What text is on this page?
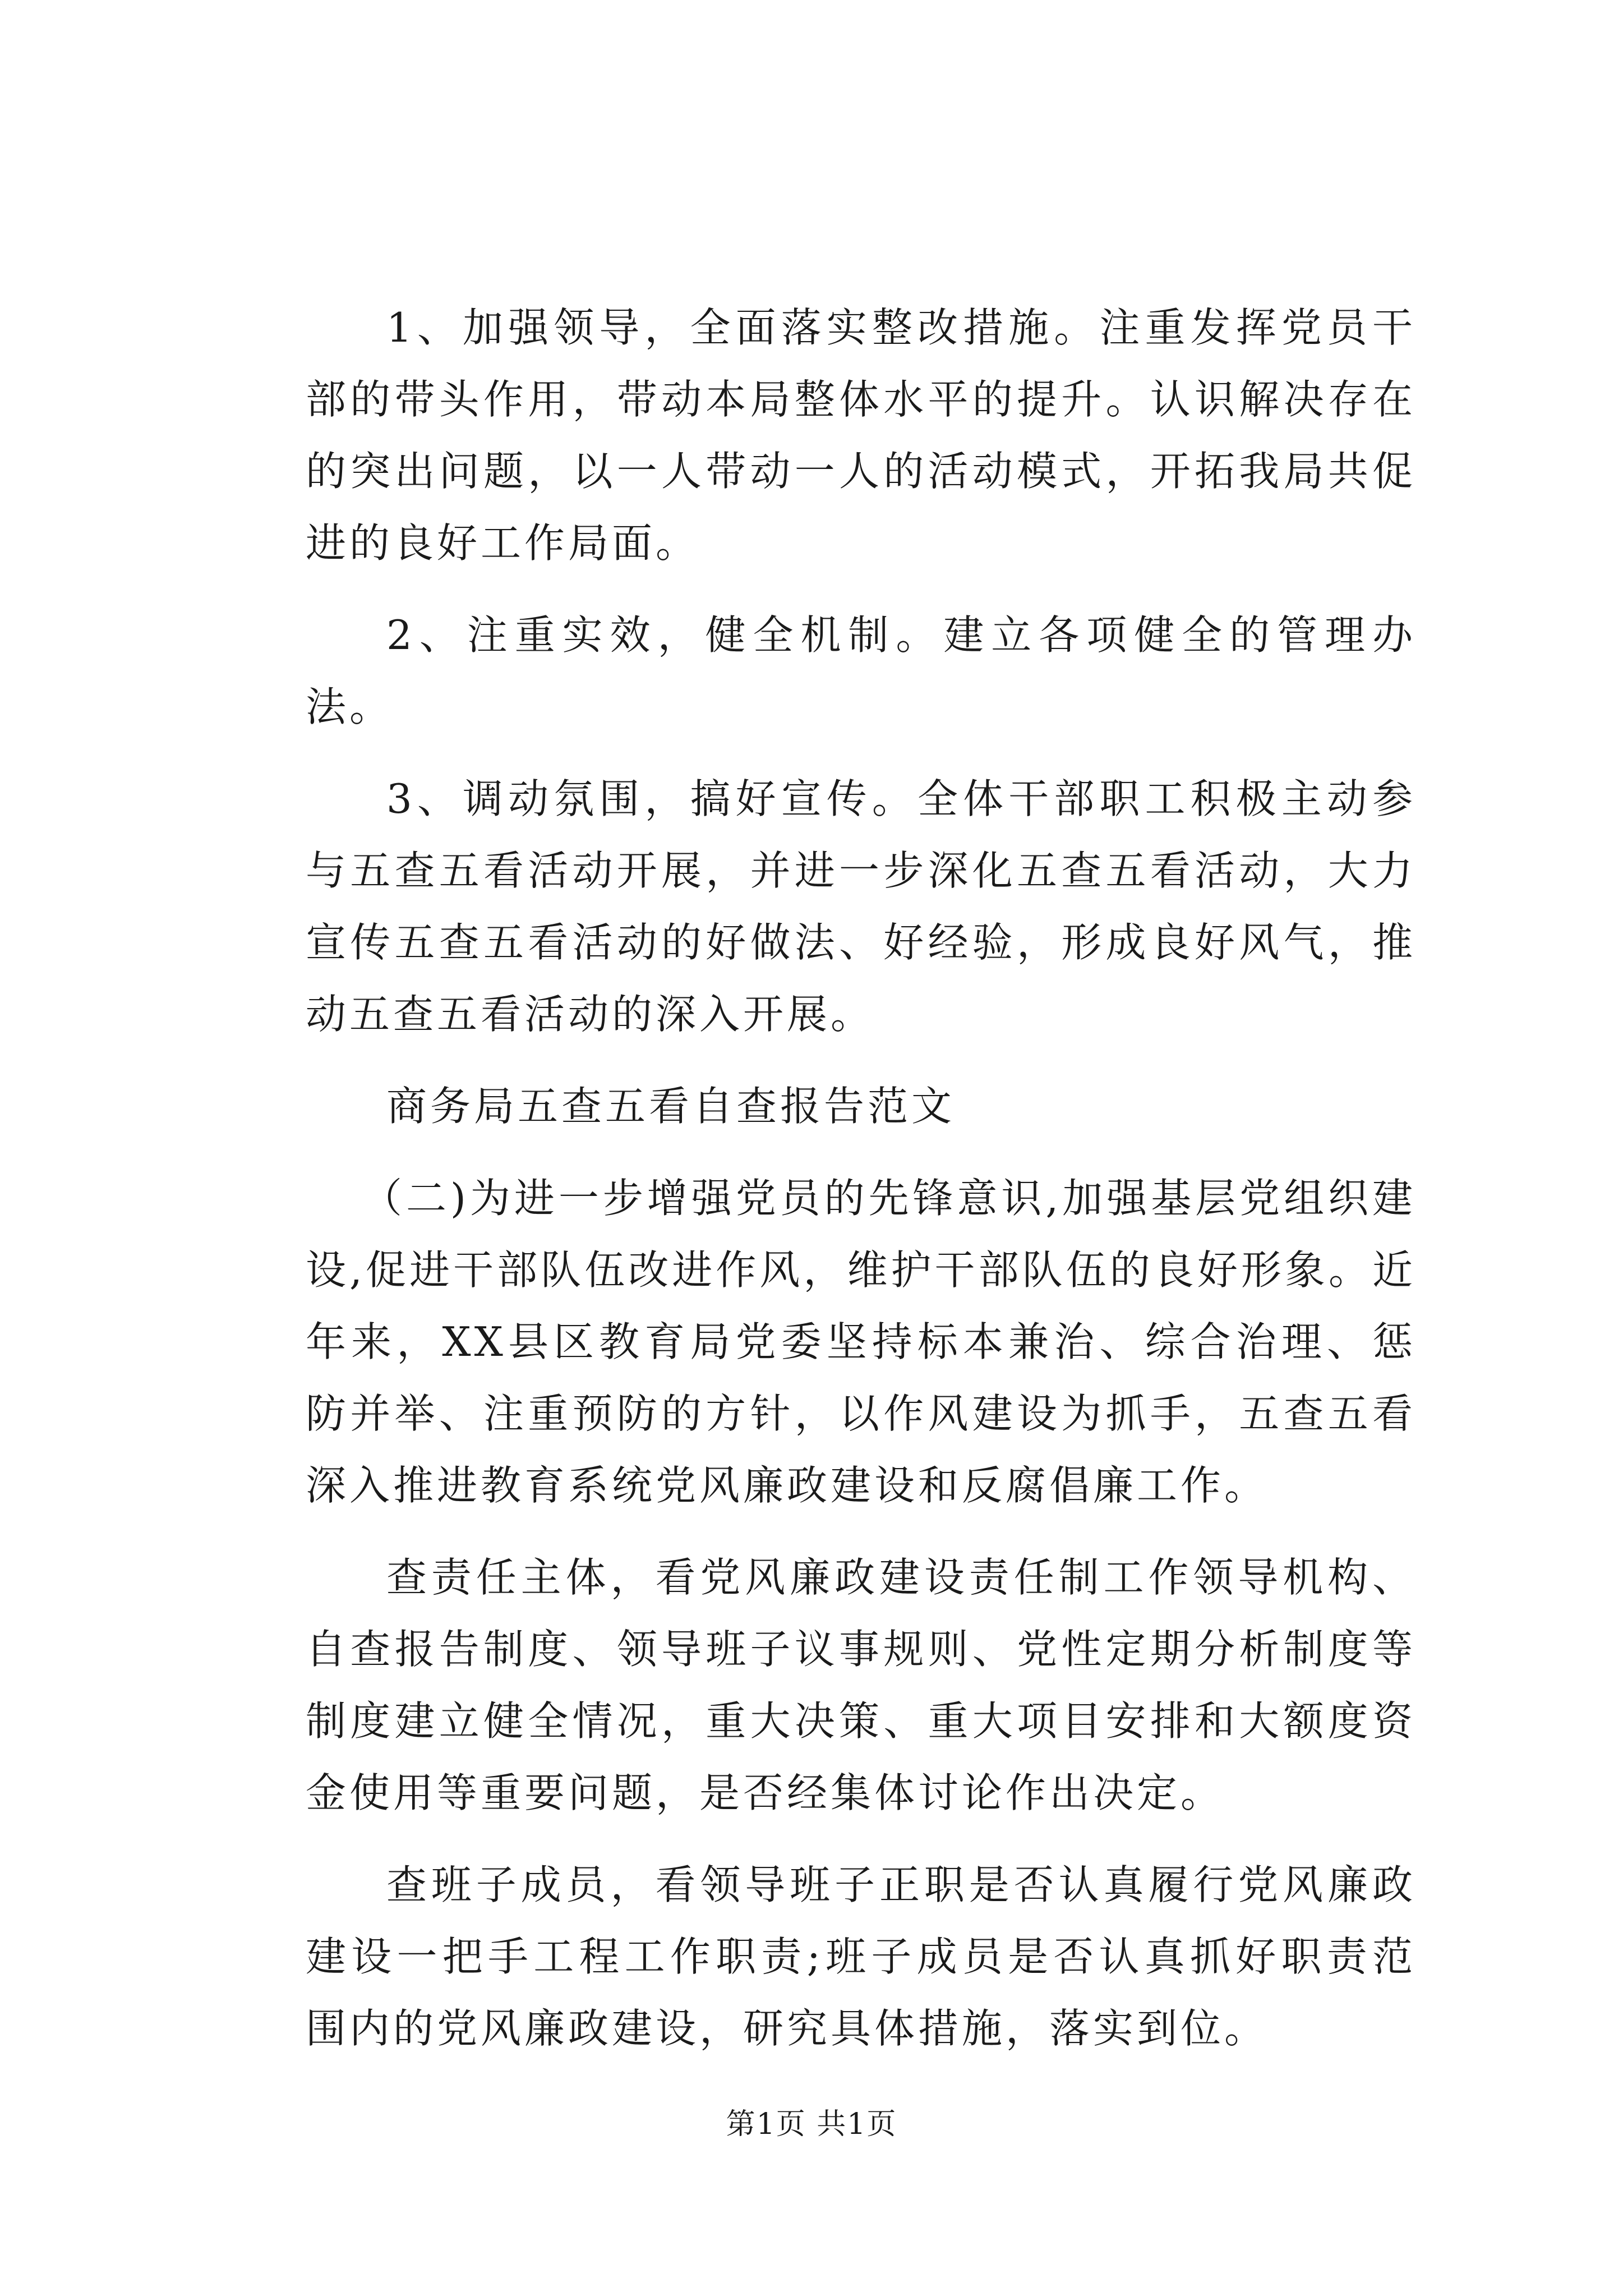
1、加强领导，全面落实整改措施。注重发挥党员干部的带头作用，带动本局整体水平的提升。认识解决存在的突出问题，以一人带动一人的活动模式，开拓我局共促进的良好工作局面。

2、注重实效，健全机制。建立各项健全的管理办法。

3、调动氛围，搞好宣传。全体干部职工积极主动参与五查五看活动开展，并进一步深化五查五看活动，大力宣传五查五看活动的好做法、好经验，形成良好风气，推动五查五看活动的深入开展。

商务局五查五看自查报告范文

（二)为进一步增强党员的先锋意识,加强基层党组织建设,促进干部队伍改进作风，维护干部队伍的良好形象。近年来，XX县区教育局党委坚持标本兼治、综合治理、惩防并举、注重预防的方针，以作风建设为抓手，五查五看深入推进教育系统党风廉政建设和反腐倡廉工作。

查责任主体，看党风廉政建设责任制工作领导机构、自查报告制度、领导班子议事规则、党性定期分析制度等制度建立健全情况，重大决策、重大项目安排和大额度资金使用等重要问题，是否经集体讨论作出决定。

查班子成员，看领导班子正职是否认真履行党风廉政建设一把手工程工作职责;班子成员是否认真抓好职责范围内的党风廉政建设，研究具体措施，落实到位。

第1页 共1页
